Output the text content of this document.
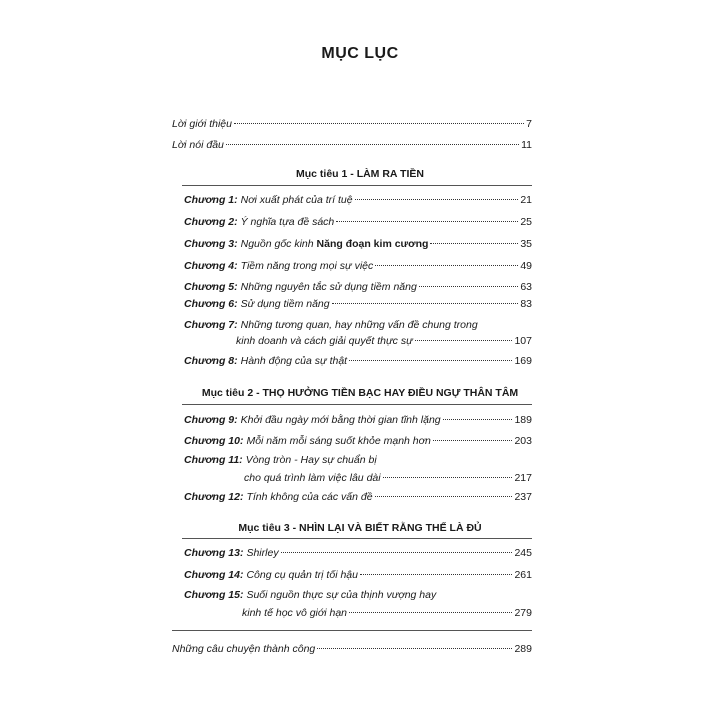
MỤC LỤC
Lời giới thiệu	7
Lời nói đầu	11
Mục tiêu 1 - LÀM RA TIỀN
Chương 1: Nơi xuất phát của trí tuệ	21
Chương 2: Ý nghĩa tựa đề sách	25
Chương 3: Nguồn gốc kinh Năng đoạn kim cương	35
Chương 4: Tiềm năng trong mọi sự việc	49
Chương 5: Những nguyên tắc sử dụng tiềm năng	63
Chương 6: Sử dụng tiềm năng	83
Chương 7: Những tương quan, hay những vấn đề chung trong
kinh doanh và cách giải quyết thực sự	107
Chương 8: Hành động của sự thật	169
Mục tiêu 2 - THỌ HƯỞNG TIỀN BẠC HAY ĐIỀU NGỰ THÂN TÂM
Chương 9: Khởi đầu ngày mới bằng thời gian tĩnh lặng	189
Chương 10: Mỗi năm mỗi sáng suốt khỏe mạnh hơn	203
Chương 11: Vòng tròn - Hay sự chuẩn bị
cho quá trình làm việc lâu dài	217
Chương 12: Tính không của các vấn đề	237
Mục tiêu 3 - NHÌN LẠI VÀ BIẾT RẰNG THẾ LÀ ĐỦ
Chương 13: Shirley	245
Chương 14: Công cụ quản trị tối hậu	261
Chương 15: Suối nguồn thực sự của thịnh vượng hay
kinh tế học vô giới hạn	279
Những câu chuyện thành công	289
